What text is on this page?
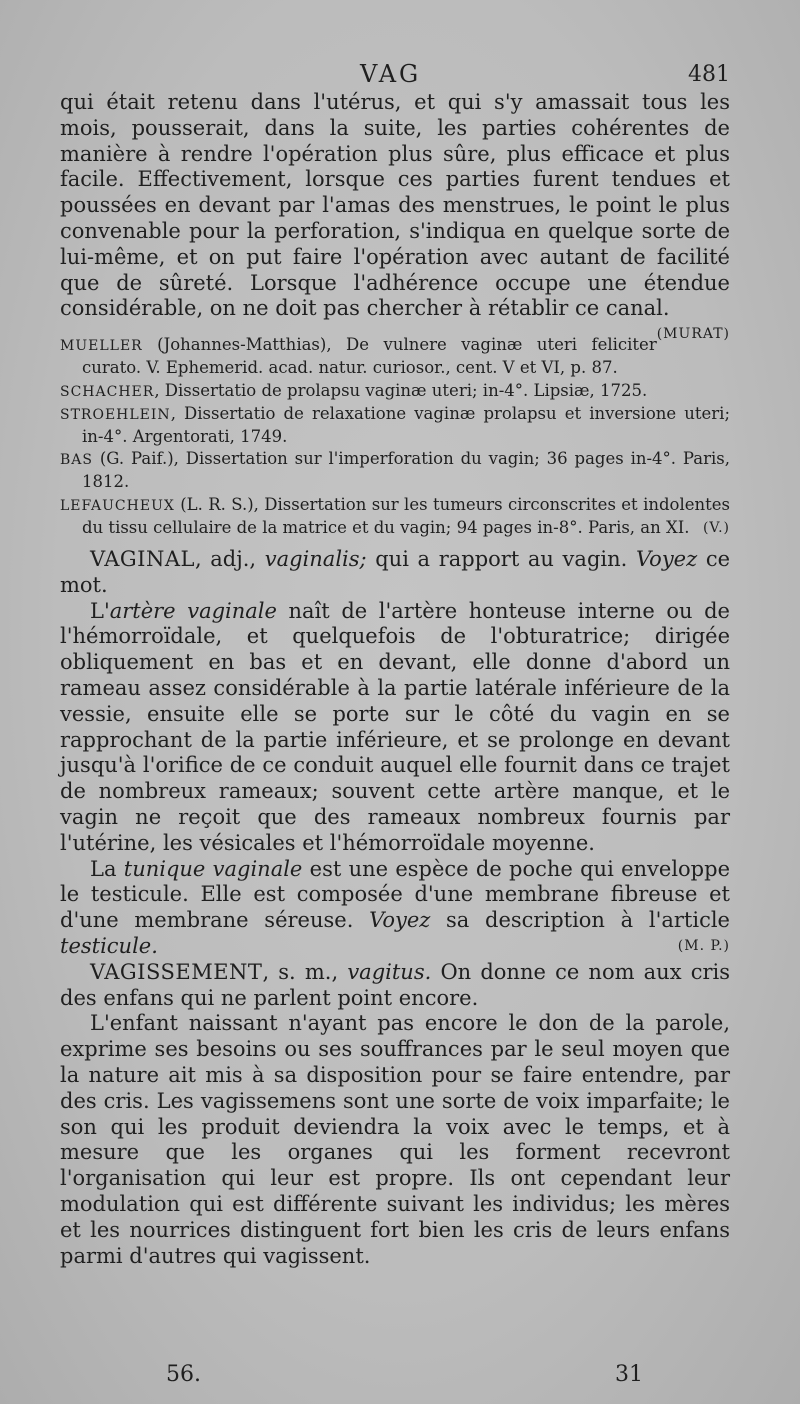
VAG	481

qui était retenu dans l'utérus, et qui s'y amassait tous les mois, pousserait, dans la suite, les parties cohérentes de manière à rendre l'opération plus sûre, plus efficace et plus facile. Effectivement, lorsque ces parties furent tendues et poussées en devant par l'amas des menstrues, le point le plus convenable pour la perforation, s'indiqua en quelque sorte de lui-même, et on put faire l'opération avec autant de facilité que de sûreté. Lorsque l'adhérence occupe une étendue considérable, on ne doit pas chercher à rétablir ce canal.
(MURAT)

MUELLER (Johannes-Matthias), De vulnere vaginæ uteri feliciter curato. V. Ephemerid. acad. natur. curiosor., cent. V et VI, p. 87.

SCHACHER, Dissertatio de prolapsu vaginæ uteri; in-4°. Lipsiæ, 1725.

STROEHLEIN, Dissertatio de relaxatione vaginæ prolapsu et inversione uteri; in-4°. Argentorati, 1749.

BAS (G. Paif.), Dissertation sur l'imperforation du vagin; 36 pages in-4°. Paris, 1812.

LEFAUCHEUX (L. R. S.), Dissertation sur les tumeurs circonscrites et indolentes du tissu cellulaire de la matrice et du vagin; 94 pages in-8°. Paris, an XI. (V.)

VAGINAL, adj., vaginalis; qui a rapport au vagin. Voyez ce mot.

L'artère vaginale naît de l'artère honteuse interne ou de l'hémorroïdale, et quelquefois de l'obturatrice; dirigée obliquement en bas et en devant, elle donne d'abord un rameau assez considérable à la partie latérale inférieure de la vessie, ensuite elle se porte sur le côté du vagin en se rapprochant de la partie inférieure, et se prolonge en devant jusqu'à l'orifice de ce conduit auquel elle fournit dans ce trajet de nombreux rameaux; souvent cette artère manque, et le vagin ne reçoit que des rameaux nombreux fournis par l'utérine, les vésicales et l'hémorroïdale moyenne.

La tunique vaginale est une espèce de poche qui enveloppe le testicule. Elle est composée d'une membrane fibreuse et d'une membrane séreuse. Voyez sa description à l'article testicule.	(M. P.)

VAGISSEMENT, s. m., vagitus. On donne ce nom aux cris des enfans qui ne parlent point encore.

L'enfant naissant n'ayant pas encore le don de la parole, exprime ses besoins ou ses souffrances par le seul moyen que la nature ait mis à sa disposition pour se faire entendre, par des cris. Les vagissemens sont une sorte de voix imparfaite; le son qui les produit deviendra la voix avec le temps, et à mesure que les organes qui les forment recevront l'organisation qui leur est propre. Ils ont cependant leur modulation qui est différente suivant les individus; les mères et les nourrices distinguent fort bien les cris de leurs enfans parmi d'autres qui vagissent.

56.	31
